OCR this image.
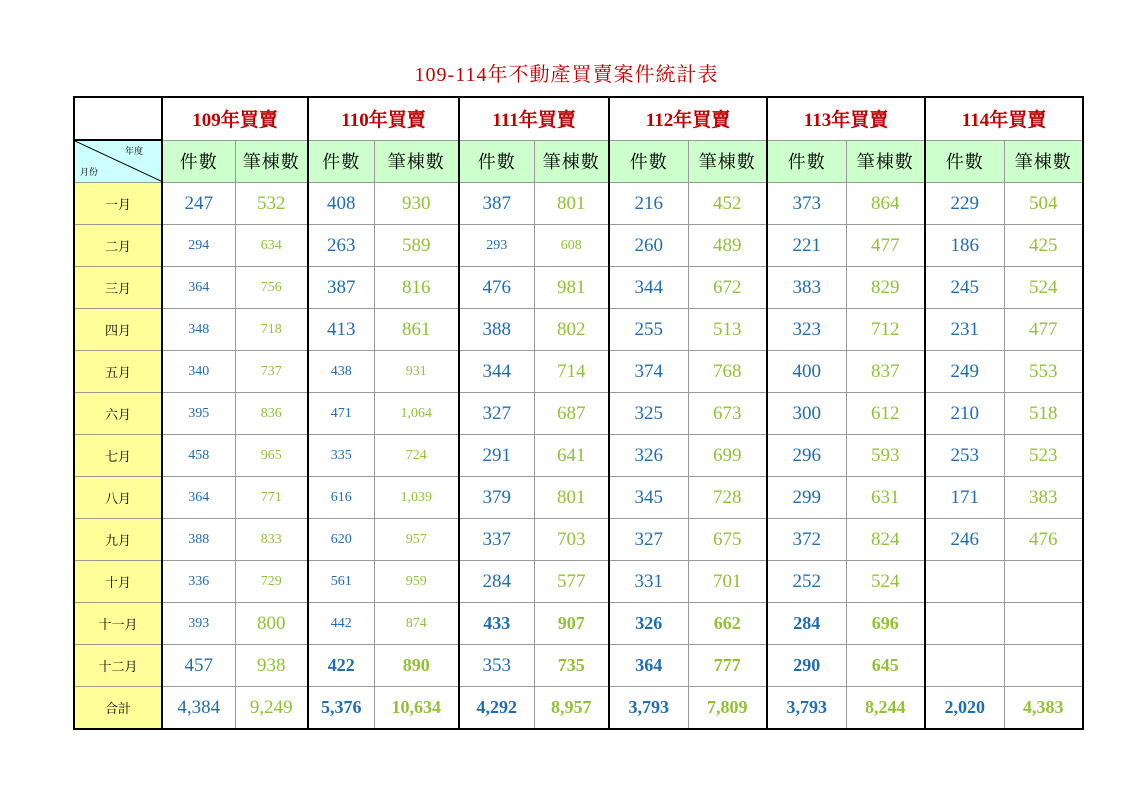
109-114年不動產買賣案件統計表
	109年買賣		110年買賣		111年買賣		112年買賣		113年買賣		114年買賣	

年度
月份	件數	筆棟數	件數	筆棟數	件數	筆棟數	件數	筆棟數	件數	筆棟數	件數	筆棟數
一月	247	532	408	930	387	801	216	452	373	864	229	504
二月	294	634	263	589	293	608	260	489	221	477	186	425
三月	364	756	387	816	476	981	344	672	383	829	245	524
四月	348	718	413	861	388	802	255	513	323	712	231	477
五月	340	737	438	931	344	714	374	768	400	837	249	553
六月	395	836	471	1,064	327	687	325	673	300	612	210	518
七月	458	965	335	724	291	641	326	699	296	593	253	523
八月	364	771	616	1,039	379	801	345	728	299	631	171	383
九月	388	833	620	957	337	703	327	675	372	824	246	476
十月	336	729	561	959	284	577	331	701	252	524		
十一月	393	800	442	874	433	907	326	662	284	696		
十二月	457	938	422	890	353	735	364	777	290	645		
合計	4,384	9,249	5,376	10,634	4,292	8,957	3,793	7,809	3,793	8,244	2,020	4,383
